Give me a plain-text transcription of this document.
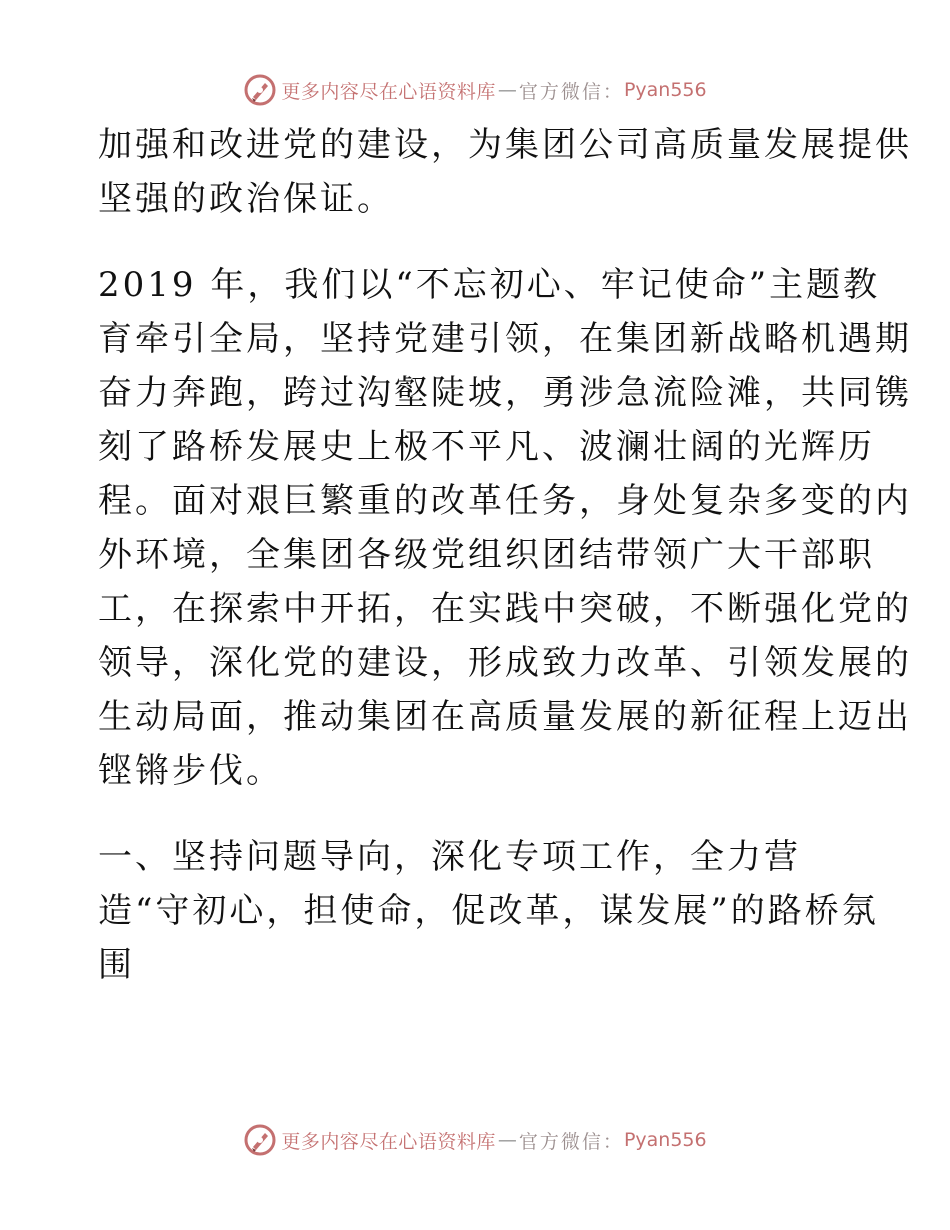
更多内容尽在心语资料库 — 官方微信： Pyan556
加强和改进党的建设，为集团公司高质量发展提供
坚强的政治保证。
2019 年，我们以“不忘初心、牢记使命”主题教
育牵引全局，坚持党建引领，在集团新战略机遇期
奋力奔跑，跨过沟壑陡坡，勇涉急流险滩，共同镌
刻了路桥发展史上极不平凡、波澜壮阔的光辉历
程。面对艰巨繁重的改革任务，身处复杂多变的内
外环境，全集团各级党组织团结带领广大干部职
工，在探索中开拓，在实践中突破，不断强化党的
领导，深化党的建设，形成致力改革、引领发展的
生动局面，推动集团在高质量发展的新征程上迈出
铿锵步伐。
一、坚持问题导向，深化专项工作，全力营
造“守初心，担使命，促改革，谋发展”的路桥氛
围
更多内容尽在心语资料库 — 官方微信： Pyan556
